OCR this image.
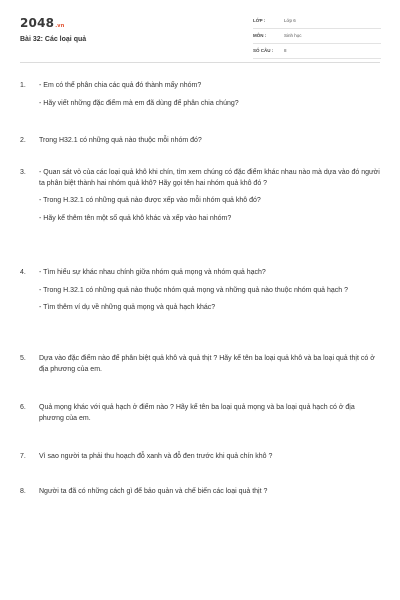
2048.vn
Bài 32: Các loại quả
LỚP :	Lớp 6
MÔN :	Sinh học
SỐ CÂU : 8
1. - Em có thể phân chia các quả đó thành mấy nhóm?
- Hãy viết những đặc điểm mà em đã dùng để phân chia chúng?
2. Trong H32.1 có những quả nào thuộc mỗi nhóm đó?
3. - Quan sát vỏ của các loại quả khô khi chín, tìm xem chúng có đặc điểm khác nhau nào mà dựa vào đó người ta phân biệt thành hai nhóm quả khô? Hãy gọi tên hai nhóm quả khô đó ?
- Trong H.32.1 có những quả nào được xếp vào mỗi nhóm quả khô đó?
- Hãy kể thêm tên một số quả khô khác và xếp vào hai nhóm?
4. - Tìm hiểu sự khác nhau chính giữa nhóm quả mọng và nhóm quả hạch?
- Trong H.32.1 có những quả nào thuộc nhóm quả mọng và những quả nào thuộc nhóm quả hạch ?
- Tìm thêm ví dụ về những quả mọng và quả hạch khác?
5. Dựa vào đặc điểm nào để phân biệt quả khô và quả thịt ? Hãy kể tên ba loại quả khô và ba loại quả thịt có ở địa phương của em.
6. Quả mọng khác với quả hạch ở điểm nào ? Hãy kể tên ba loại quả mọng và ba loại quả hạch có ở địa phương của em.
7. Vì sao người ta phải thu hoạch đỗ xanh và đỗ đen trước khi quả chín khô ?
8. Người ta đã có những cách gì để bảo quản và chế biến các loại quả thịt ?
